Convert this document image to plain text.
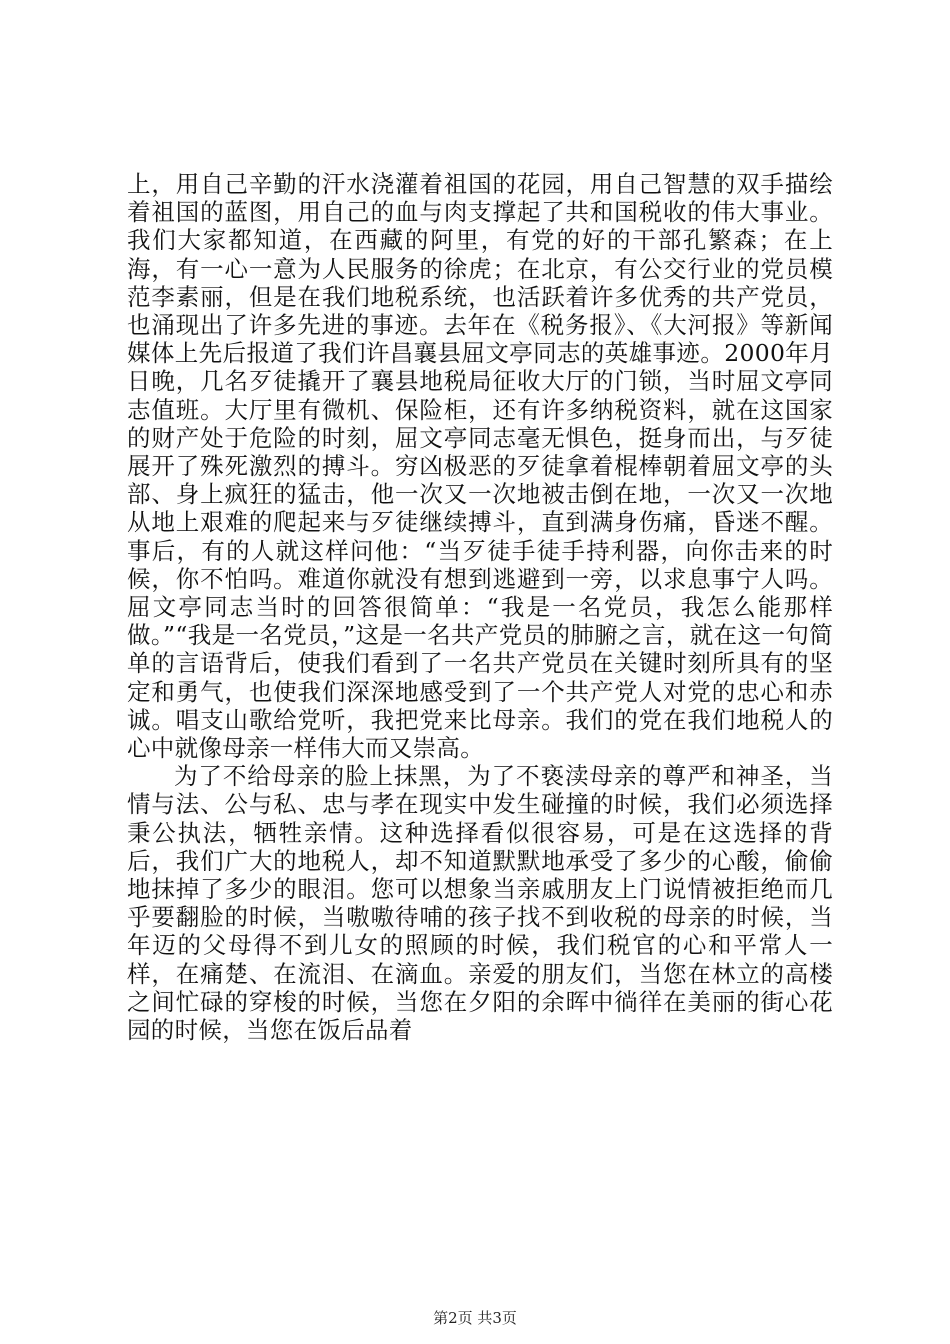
上，用自己辛勤的汗水浇灌着祖国的花园，用自己智慧的双手描绘着祖国的蓝图，用自己的血与肉支撑起了共和国税收的伟大事业。我们大家都知道，在西藏的阿里，有党的好的干部孔繁森；在上海，有一心一意为人民服务的徐虎；在北京，有公交行业的党员模范李素丽，但是在我们地税系统，也活跃着许多优秀的共产党员，也涌现出了许多先进的事迹。去年在《税务报》、《大河报》等新闻媒体上先后报道了我们许昌襄县屈文亭同志的英雄事迹。2000年月日晚，几名歹徒撬开了襄县地税局征收大厅的门锁，当时屈文亭同志值班。大厅里有微机、保险柜，还有许多纳税资料，就在这国家的财产处于危险的时刻，屈文亭同志毫无惧色，挺身而出，与歹徒展开了殊死激烈的搏斗。穷凶极恶的歹徒拿着棍棒朝着屈文亭的头部、身上疯狂的猛击，他一次又一次地被击倒在地，一次又一次地从地上艰难的爬起来与歹徒继续搏斗，直到满身伤痛，昏迷不醒。事后，有的人就这样问他：“当歹徒手徒手持利器，向你击来的时候，你不怕吗。难道你就没有想到逃避到一旁，以求息事宁人吗。屈文亭同志当时的回答很简单：“我是一名党员，我怎么能那样做。”“我是一名党员，”这是一名共产党员的肺腑之言，就在这一句简单的言语背后，使我们看到了一名共产党员在关键时刻所具有的坚定和勇气，也使我们深深地感受到了一个共产党人对党的忠心和赤诚。唱支山歌给党听，我把党来比母亲。我们的党在我们地税人的心中就像母亲一样伟大而又崇高。

为了不给母亲的脸上抹黑，为了不亵渎母亲的尊严和神圣，当情与法、公与私、忠与孝在现实中发生碰撞的时候，我们必须选择秉公执法，牺牲亲情。这种选择看似很容易，可是在这选择的背后，我们广大的地税人，却不知道默默地承受了多少的心酸，偷偷地抹掉了多少的眼泪。您可以想象当亲戚朋友上门说情被拒绝而几乎要翻脸的时候，当嗷嗷待哺的孩子找不到收税的母亲的时候，当年迈的父母得不到儿女的照顾的时候，我们税官的心和平常人一样，在痛楚、在流泪、在滴血。亲爱的朋友们，当您在林立的高楼之间忙碌的穿梭的时候，当您在夕阳的余晖中徜徉在美丽的街心花园的时候，当您在饭后品着

第2页 共3页
